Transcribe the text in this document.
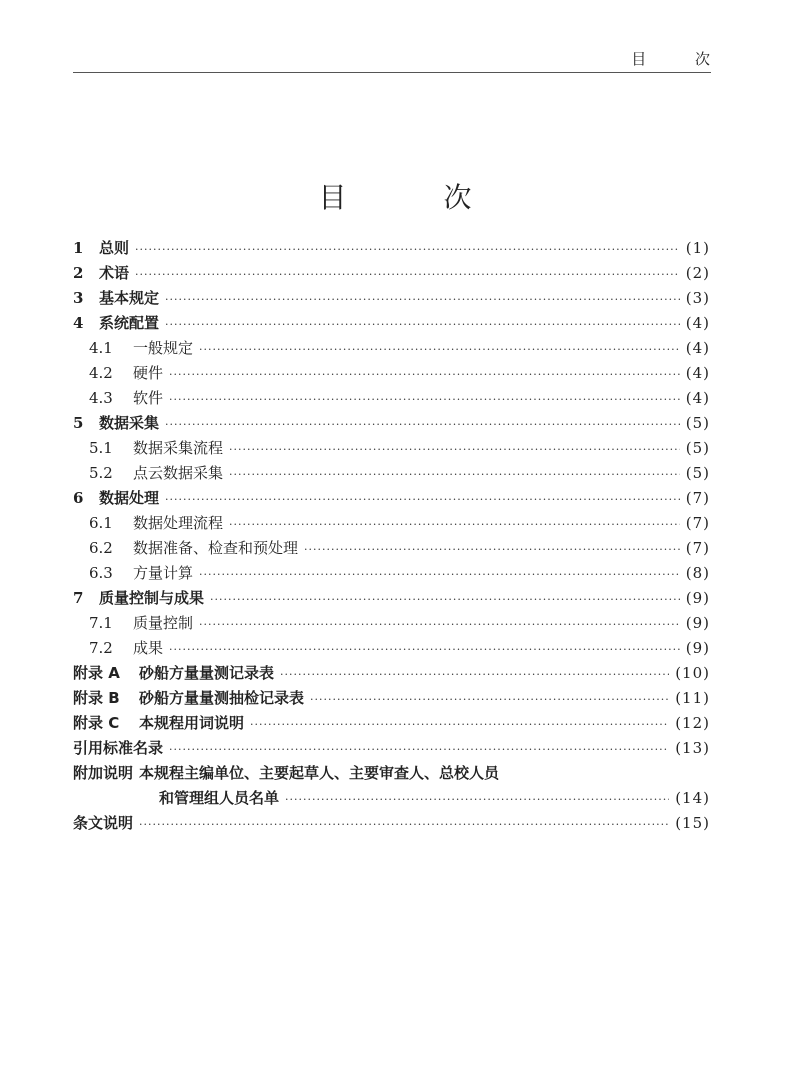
目 次
目 次
1	总则 ·····	(1)
2	术语 ·····	(2)
3	基本规定 ·····	(3)
4	系统配置 ·····	(4)
4.1	一般规定 ·····	(4)
4.2	硬件 ·····	(4)
4.3	软件 ·····	(4)
5	数据采集 ·····	(5)
5.1	数据采集流程 ·····	(5)
5.2	点云数据采集 ·····	(5)
6	数据处理 ·····	(7)
6.1	数据处理流程 ·····	(7)
6.2	数据准备、检查和预处理 ·····	(7)
6.3	方量计算 ·····	(8)
7	质量控制与成果 ·····	(9)
7.1	质量控制 ·····	(9)
7.2	成果 ·····	(9)
附录 A	砂船方量量测记录表 ·····	(10)
附录 B	砂船方量量测抽检记录表 ·····	(11)
附录 C	本规程用词说明 ·····	(12)
引用标准名录 ·····	(13)
附加说明 本规程主编单位、主要起草人、主要审查人、总校人员
和管理组人员名单 ·····	(14)
条文说明 ·····	(15)
